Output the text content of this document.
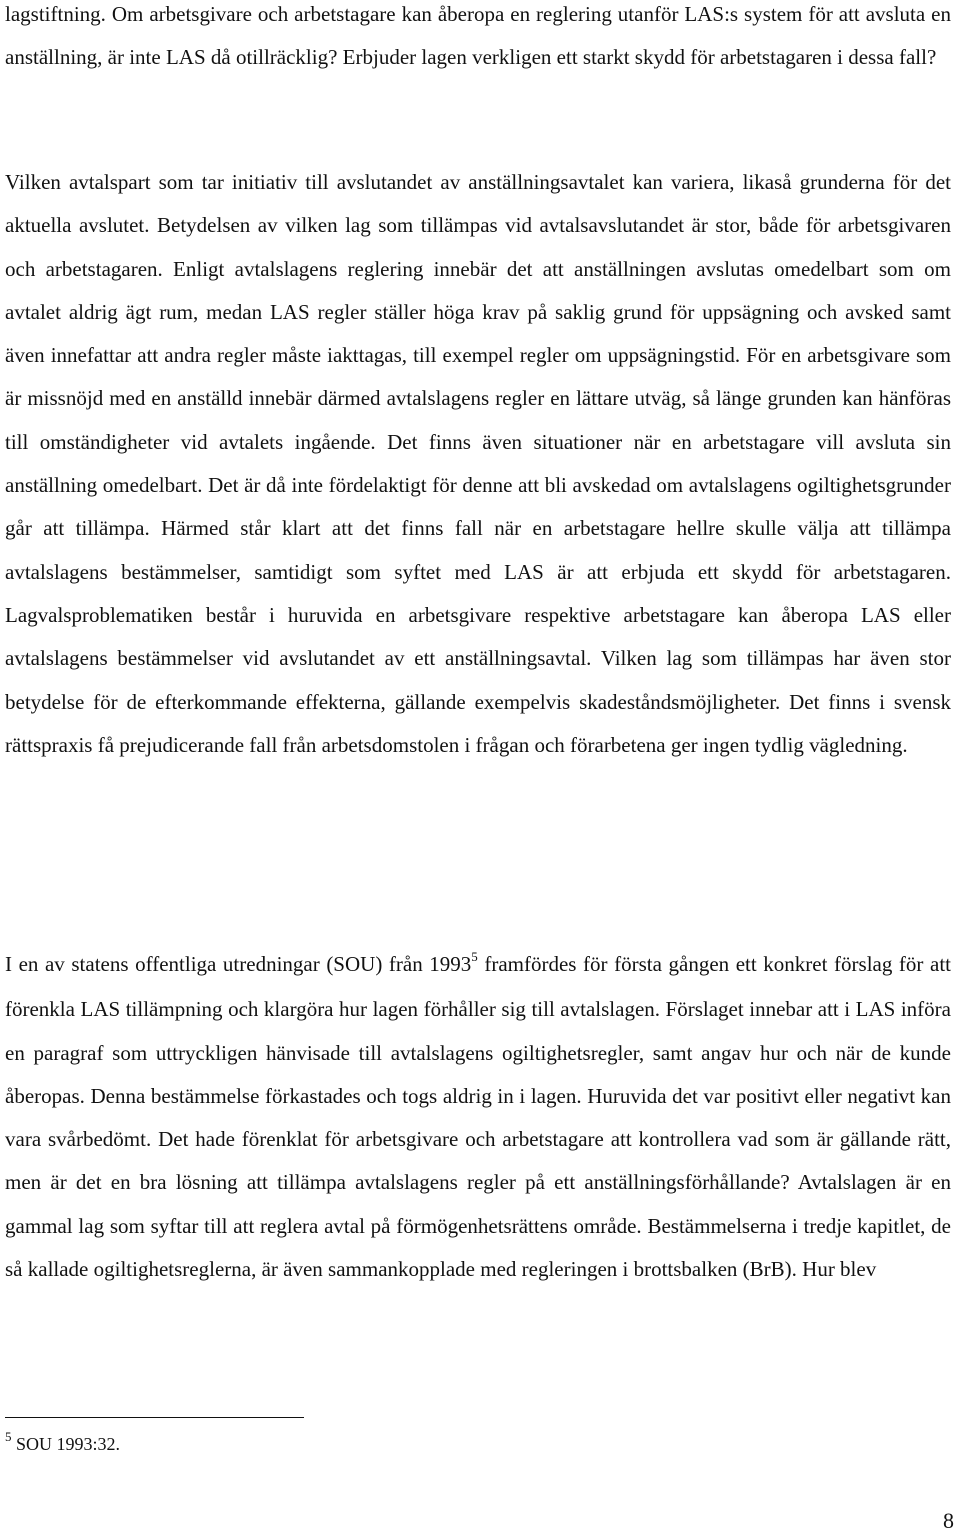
lagstiftning. Om arbetsgivare och arbetstagare kan åberopa en reglering utanför LAS:s system för att avsluta en anställning, är inte LAS då otillräcklig? Erbjuder lagen verkligen ett starkt skydd för arbetstagaren i dessa fall?

Vilken avtalspart som tar initiativ till avslutandet av anställningsavtalet kan variera, likaså grunderna för det aktuella avslutet. Betydelsen av vilken lag som tillämpas vid avtalsavslutandet är stor, både för arbetsgivaren och arbetstagaren. Enligt avtalslagens reglering innebär det att anställningen avslutas omedelbart som om avtalet aldrig ägt rum, medan LAS regler ställer höga krav på saklig grund för uppsägning och avsked samt även innefattar att andra regler måste iakttagas, till exempel regler om uppsägningstid. För en arbetsgivare som är missnöjd med en anställd innebär därmed avtalslagens regler en lättare utväg, så länge grunden kan hänföras till omständigheter vid avtalets ingående. Det finns även situationer när en arbetstagare vill avsluta sin anställning omedelbart. Det är då inte fördelaktigt för denne att bli avskedad om avtalslagens ogiltighetsgrunder går att tillämpa. Härmed står klart att det finns fall när en arbetstagare hellre skulle välja att tillämpa avtalslagens bestämmelser, samtidigt som syftet med LAS är att erbjuda ett skydd för arbetstagaren. Lagvalsproblematiken består i huruvida en arbetsgivare respektive arbetstagare kan åberopa LAS eller avtalslagens bestämmelser vid avslutandet av ett anställningsavtal. Vilken lag som tillämpas har även stor betydelse för de efterkommande effekterna, gällande exempelvis skadeståndsmöjligheter. Det finns i svensk rättspraxis få prejudicerande fall från arbetsdomstolen i frågan och förarbetena ger ingen tydlig vägledning.

I en av statens offentliga utredningar (SOU) från 1993$^5$ framfördes för första gången ett konkret förslag för att förenkla LAS tillämpning och klargöra hur lagen förhåller sig till avtalslagen. Förslaget innebar att i LAS införa en paragraf som uttryckligen hänvisade till avtalslagens ogiltighetsregler, samt angav hur och när de kunde åberopas. Denna bestämmelse förkastades och togs aldrig in i lagen. Huruvida det var positivt eller negativt kan vara svårbedömt. Det hade förenklat för arbetsgivare och arbetstagare att kontrollera vad som är gällande rätt, men är det en bra lösning att tillämpa avtalslagens regler på ett anställningsförhållande? Avtalslagen är en gammal lag som syftar till att reglera avtal på förmögenhetsrättens område. Bestämmelserna i tredje kapitlet, de så kallade ogiltighetsreglerna, är även sammankopplade med regleringen i brottsbalken (BrB). Hur blev

$^5$ SOU 1993:32.
8
